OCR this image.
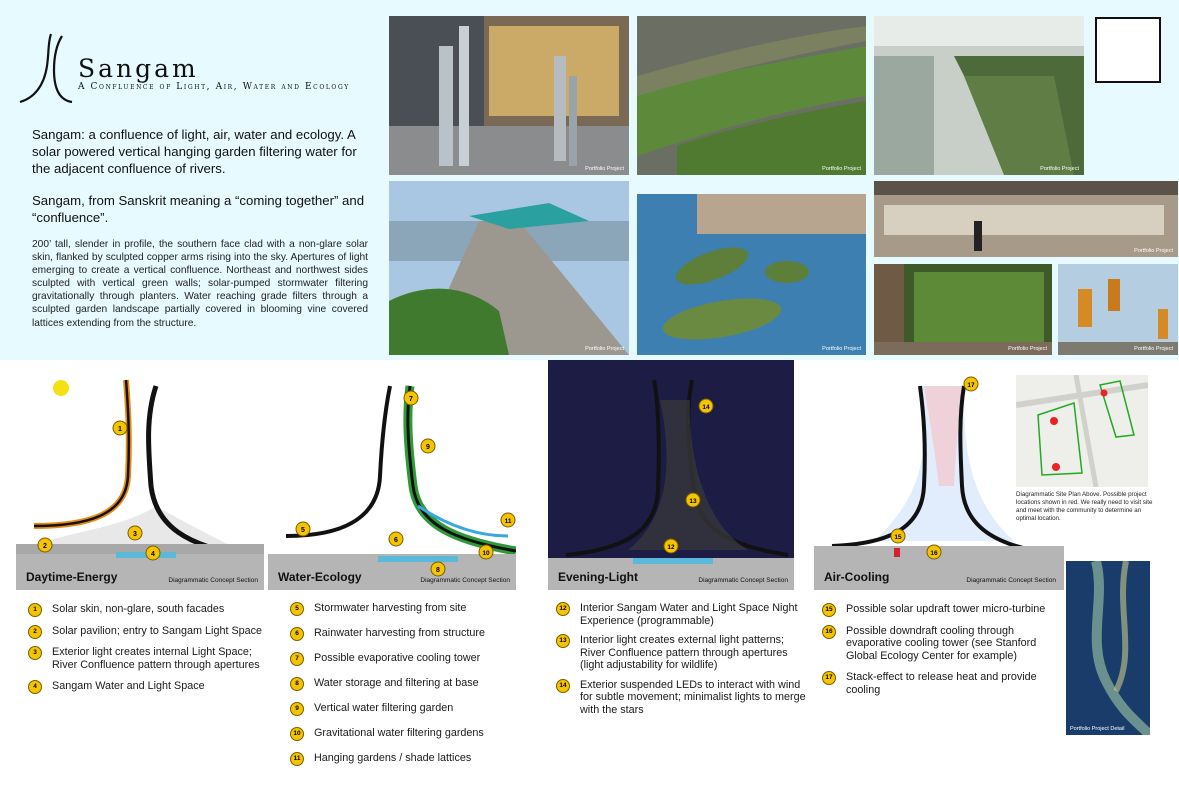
Sangam
A Confluence of Light, Air, Water and Ecology
Sangam: a confluence of light, air, water and ecology. A solar powered vertical hanging garden filtering water for the adjacent confluence of rivers.
Sangam, from Sanskrit meaning a “coming together” and “confluence”.
200’ tall, slender in profile, the southern face clad with a non-glare solar skin, flanked by sculpted copper arms rising into the sky. Apertures of light emerging to create a vertical confluence. Northeast and northwest sides sculpted with vertical green walls; solar-pumped stormwater filtering gravitationally through planters. Water reaching grade filters through a sculpted garden landscape partially covered in blooming vine covered lattices extending from the structure.
Portfolio Project	Portfolio Project	Portfolio Project
Portfolio Project	Portfolio Project
Portfolio Project
Portfolio Project	Portfolio Project
1
2
3
4
Daytime-Energy	Diagrammatic Concept Section
7
9
5
6
8
10
11
Water-Ecology	Diagrammatic Concept Section
14
13
12
Evening-Light	Diagrammatic Concept Section
17
15
16
Air-Cooling	Diagrammatic Concept Section
Diagrammatic Site Plan Above. Possible project locations shown in red. We really need to visit site and meet with the community to determine an optimal location.
Portfolio Project Detail
1	Solar skin, non-glare, south facades
2	Solar pavilion; entry to Sangam Light Space
3	Exterior light creates internal Light Space; River Confluence pattern through apertures
4	Sangam Water and Light Space
5	Stormwater harvesting from site
6	Rainwater harvesting from structure
7	Possible evaporative cooling tower
8	Water storage and filtering at base
9	Vertical water filtering garden
10	Gravitational water filtering gardens
11	Hanging gardens / shade lattices
12	Interior Sangam Water and Light Space Night Experience (programmable)
13	Interior light creates external light patterns; River Confluence pattern through apertures (light adjustability for wildlife)
14	Exterior suspended LEDs to interact with wind for subtle movement; minimalist lights to merge with the stars
15	Possible solar updraft tower micro-turbine
16	Possible downdraft cooling through evaporative cooling tower (see Stanford Global Ecology Center for example)
17	Stack-effect to release heat and provide cooling
